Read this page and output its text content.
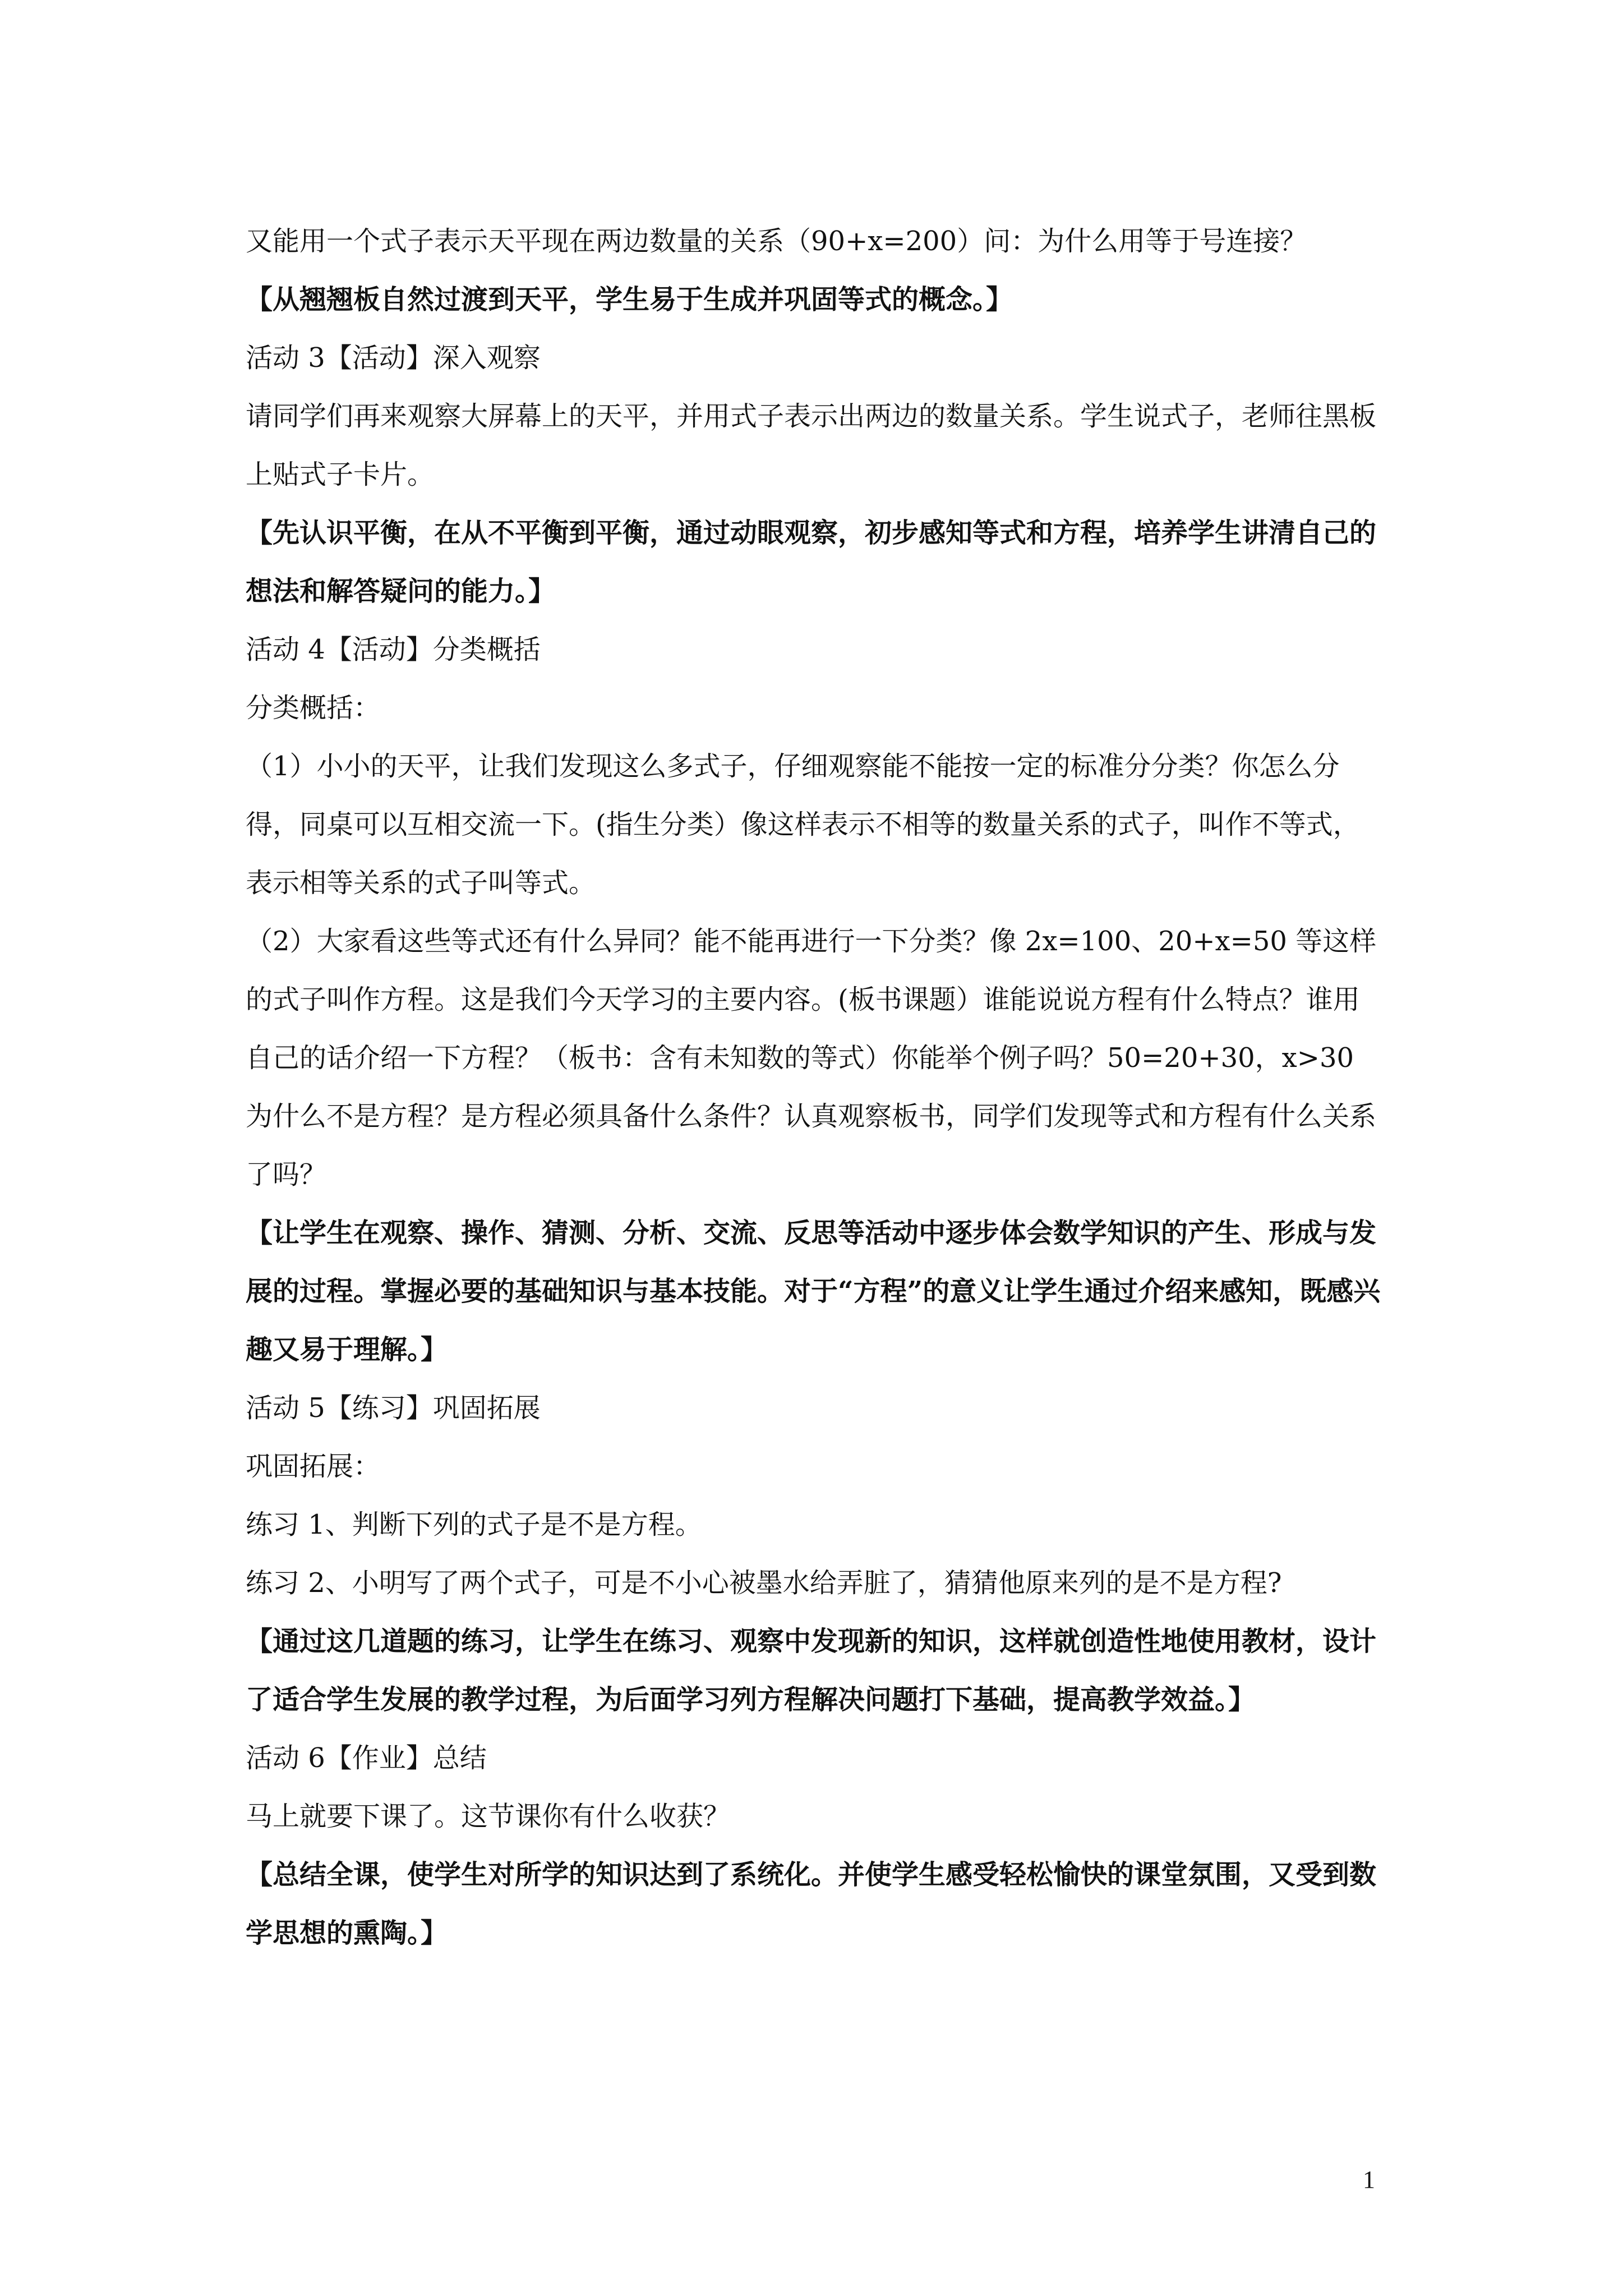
又能用一个式子表示天平现在两边数量的关系（90+x=200）问：为什么用等于号连接？

【从翘翘板自然过渡到天平，学生易于生成并巩固等式的概念。】

活动 3【活动】深入观察

请同学们再来观察大屏幕上的天平，并用式子表示出两边的数量关系。学生说式子，老师往黑板上贴式子卡片。

【先认识平衡，在从不平衡到平衡，通过动眼观察，初步感知等式和方程，培养学生讲清自己的想法和解答疑问的能力。】

活动 4【活动】分类概括

分类概括：

（1）小小的天平，让我们发现这么多式子，仔细观察能不能按一定的标准分分类？你怎么分得，同桌可以互相交流一下。(指生分类）像这样表示不相等的数量关系的式子，叫作不等式，表示相等关系的式子叫等式。

（2）大家看这些等式还有什么异同？能不能再进行一下分类？像 2x=100、20+x=50 等这样的式子叫作方程。这是我们今天学习的主要内容。(板书课题）谁能说说方程有什么特点？谁用自己的话介绍一下方程？（板书：含有未知数的等式）你能举个例子吗？50=20+30，x>30 为什么不是方程？是方程必须具备什么条件？认真观察板书，同学们发现等式和方程有什么关系了吗？

【让学生在观察、操作、猜测、分析、交流、反思等活动中逐步体会数学知识的产生、形成与发展的过程。掌握必要的基础知识与基本技能。对于“方程”的意义让学生通过介绍来感知，既感兴趣又易于理解。】

活动 5【练习】巩固拓展

巩固拓展：

练习 1、判断下列的式子是不是方程。

练习 2、小明写了两个式子，可是不小心被墨水给弄脏了，猜猜他原来列的是不是方程?

【通过这几道题的练习，让学生在练习、观察中发现新的知识，这样就创造性地使用教材，设计了适合学生发展的教学过程，为后面学习列方程解决问题打下基础，提高教学效益。】

活动 6【作业】总结

马上就要下课了。这节课你有什么收获？

【总结全课，使学生对所学的知识达到了系统化。并使学生感受轻松愉快的课堂氛围，又受到数学思想的熏陶。】

1
